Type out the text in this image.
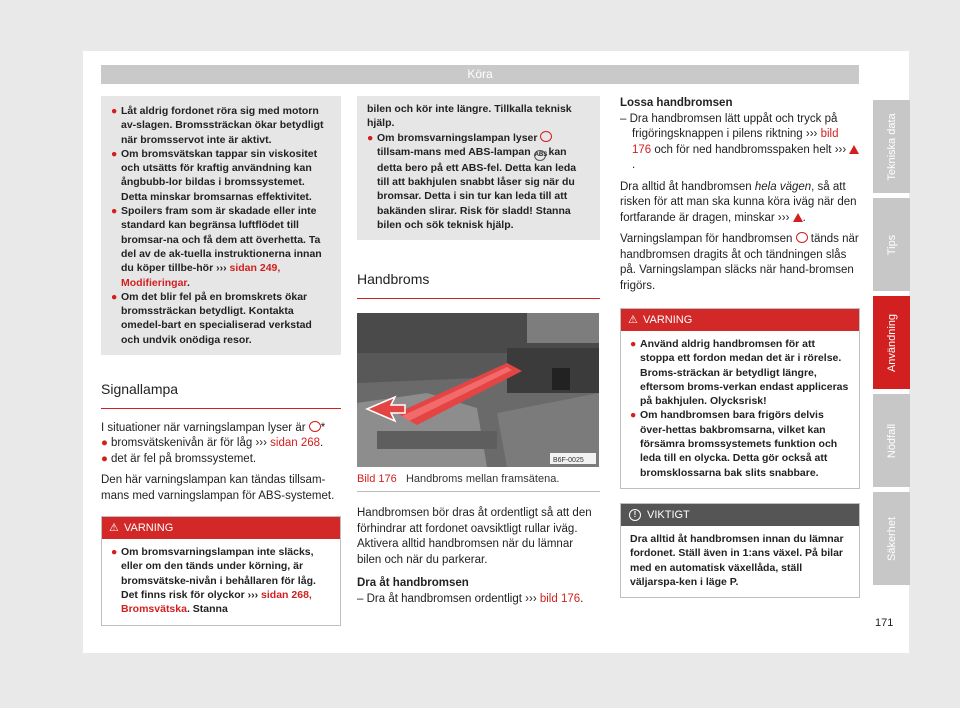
Köra
● Låt aldrig fordonet röra sig med motorn av-slagen. Bromssträckan ökar betydligt när bromsservot inte är aktivt.
● Om bromsvätskan tappar sin viskositet och utsätts för kraftig användning kan ångbubb-lor bildas i bromssystemet. Detta minskar bromsarnas effektivitet.
● Spoilers fram som är skadade eller inte standard kan begränsa luftflödet till bromsar-na och få dem att överhetta. Ta del av de ak-tuella instruktionerna innan du köper tillbe-hör ››› sidan 249, Modifieringar.
● Om det blir fel på en bromskrets ökar bromssträckan betydligt. Kontakta omedel-bart en specialiserad verkstad och undvik onödiga resor.
Signallampa

I situationer när varningslampan lyser är *

● bromsvätskenivån är för låg ››› sidan 268.
● det är fel på bromssystemet.

Den här varningslampan kan tändas tillsam-mans med varningslampan för ABS-systemet.

⚠ VARNING
● Om bromsvarningslampan inte släcks, eller om den tänds under körning, är bromsvätske-nivån i behållaren för låg. Det finns risk för olyckor ››› sidan 268, Bromsvätska. Stanna

bilen och kör inte längre. Tillkalla teknisk hjälp.

● Om bromsvarningslampan lyser  tillsam-mans med ABS-lampan ABS kan detta bero på ett ABS-fel. Detta kan leda till att bakhjulen snabbt låser sig när du bromsar. Detta i sin tur kan leda till att bakänden slirar. Risk för sladd! Stanna bilen och sök teknisk hjälp.
Handbroms
B6F-0025

Bild 176 Handbroms mellan framsätena.

Handbromsen bör dras åt ordentligt så att den förhindrar att fordonet oavsiktligt rullar iväg. Aktivera alltid handbromsen när du lämnar bilen och när du parkerar.

Dra åt handbromsen

– Dra åt handbromsen ordentligt ››› bild 176.

Lossa handbromsen

– Dra handbromsen lätt uppåt och tryck på frigöringsknappen i pilens riktning ››› bild 176 och för ned handbromsspaken helt ››› .

Dra alltid åt handbromsen hela vägen, så att risken för att man ska kunna köra iväg när den fortfarande är dragen, minskar ››› .

Varningslampan för handbromsen tänds när handbromsen dragits åt och tändningen slås på. Varningslampan släcks när hand-bromsen frigörs.

⚠ VARNING
● Använd aldrig handbromsen för att stoppa ett fordon medan det är i rörelse. Broms-sträckan är betydligt längre, eftersom broms-verkan endast appliceras på bakhjulen. Olycksrisk!
● Om handbromsen bara frigörs delvis över-hettas bakbromsarna, vilket kan försämra bromssystemets funktion och leda till en olycka. Detta gör också att bromsklossarna bak slits snabbare.
! VIKTIGT
Dra alltid åt handbromsen innan du lämnar fordonet. Ställ även in 1:ans växel. På bilar med en automatisk växellåda, ställ väljarspa-ken i läge P.
Tekniska data
Tips
Användning
Nödfall
Säkerhet
171
